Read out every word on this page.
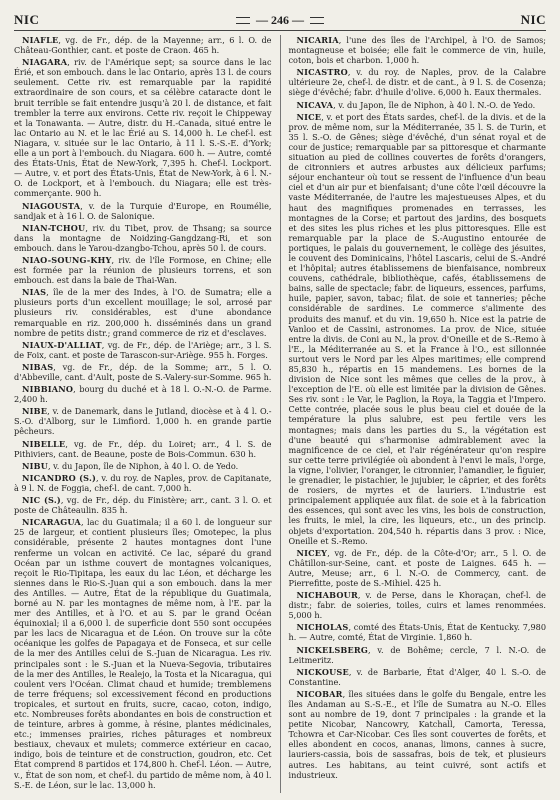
NIC	— 246 —	NIC

NIAFLE, vg. de Fr., dép. de la Mayenne; arr., 6 l. O. de Château-Gonthier, cant. et poste de Craon. 465 h.

NIAGARA, riv. de l'Amérique sept; sa source dans le lac Érié, et son embouch. dans le lac Ontario, après 13 l. de cours seulement. Cette riv. est remarquable par la rapidité extraordinaire de son cours, et sa célèbre cataracte dont le bruit terrible se fait entendre jusqu'à 20 l. de distance, et fait trembler la terre aux environs. Cette riv. reçoit le Chippeway et la Tonawanta. — Autre, distr. du H.-Canada, situé entre le lac Ontario au N. et le lac Érié au S. 14,000 h. Le chef-l. est Niagara, v. située sur le lac Ontario, à 11 l. S.-S.-E. d'York; elle a un port à l'embouch. du Niagara. 600 h. — Autre, comté des États-Unis, État de New-York, 7,395 h. Chef-l. Lockport. — Autre, v. et port des États-Unis, État de New-York, à 6 l. N.-O. de Lockport, et à l'embouch. du Niagara; elle est très-commerçante. 900 h.

NIAGOUSTA, v. de la Turquie d'Europe, en Roumélie, sandjak et à 16 l. O. de Salonique.

NIAN-TCHOU, riv. du Tibet, prov. de Thsang; sa source dans la montagne de Noidzing-Gangdzang-Ri, et son embouch. dans le Yarou-dzangbo-Tchou, après 50 l. de cours.

NIAO-SOUNG-KHY, riv. de l'île Formose, en Chine; elle est formée par la réunion de plusieurs torrens, et son embouch. est dans la baie de Thai-Wan.

NIAS, île de la mer des Indes, à l'O. de Sumatra; elle a plusieurs ports d'un excellent mouillage; le sol, arrosé par plusieurs riv. considérables, est d'une abondance remarquable en riz. 200,000 h. disséminés dans un grand nombre de petits distr.; grand commerce de riz et d'esclaves.

NIAUX-D'ALLIAT, vg. de Fr., dép. de l'Ariège; arr., 3 l. S. de Foix, cant. et poste de Tarascon-sur-Ariège. 955 h. Forges.

NIBAS, vg. de Fr., dép. de la Somme; arr., 5 l. O. d'Abbeville, cant. d'Ault, poste de S.-Valery-sur-Somme. 965 h.

NIBBIANO, bourg du duché et à 18 l. O.-N.-O. de Parme. 2,400 h.

NIBE, v. de Danemark, dans le Jutland, diocèse et à 4 l. O.-S.-O. d'Alborg, sur le Limfiord. 1,000 h. en grande partie pêcheurs.

NIBELLE, vg. de Fr., dép. du Loiret; arr., 4 l. S. de Pithiviers, cant. de Beaune, poste de Bois-Commun. 630 h.

NIBU, v. du Japon, île de Niphon, à 40 l. O. de Yedo.

NICANDRO (S.), v. du roy. de Naples, prov. de Capitanate, à 9 l. N. de Foggia, chef-l. de cant. 7,000 h.

NIC (S.), vg. de Fr., dép. du Finistère; arr., cant. 3 l. O. et poste de Châteaulin. 835 h.

NICARAGUA, lac du Guatimala; il a 60 l. de longueur sur 25 de largeur, et contient plusieurs îles; Omotepec, la plus considérable, présente 2 hautes montagnes dont l'une renferme un volcan en activité. Ce lac, séparé du grand Océan par un isthme couvert de montagnes volcaniques, reçoit le Rio-Tipitapa, les eaux du lac Léon, et décharge les siennes dans le Rio-S.-Juan qui a son embouch. dans la mer des Antilles. — Autre, État de la république du Guatimala, borné au N. par les montagnes de même nom, à l'E. par la mer des Antilles, et à l'O. et au S. par le grand Océan équinoxial; il a 6,000 l. de superficie dont 550 sont occupées par les lacs de Nicaragua et de Léon. On trouve sur la côte océanique les golfes de Papagaya et de Fonseca, et sur celle de la mer des Antilles celui de S.-Juan de Nicaragua. Les riv. principales sont : le S.-Juan et la Nueva-Segovia, tributaires de la mer des Antilles, le Realejo, la Tosta et la Nicaragua, qui coulent vers l'Océan. Climat chaud et humide; tremblemens de terre fréquens; sol excessivement fécond en productions tropicales, et surtout en fruits, sucre, cacao, coton, indigo, etc. Nombreuses forêts abondantes en bois de construction et de teinture, arbres à gomme, à résine, plantes médicinales, etc.; immenses prairies, riches pâturages et nombreux bestiaux, chevaux et mulets; commerce extérieur en cacao, indigo, bois de teinture et de construction, goudron, etc. Cet État comprend 8 partidos et 174,800 h. Chef-l. Léon. — Autre, v., État de son nom, et chef-l. du partido de même nom, à 40 l. S.-E. de Léon, sur le lac. 13,000 h.

NICARIA, l'une des îles de l'Archipel, à l'O. de Samos; montagneuse et boisée; elle fait le commerce de vin, huile, coton, bois et charbon. 1,000 h.

NICASTRO, v. du roy. de Naples, prov. de la Calabre ultérieure 2e, chef-l. de distr. et de cant., à 9 l. S. de Cosenza; siège d'évêché; fabr. d'huile d'olive. 6,000 h. Eaux thermales.

NICAVA, v. du Japon, île de Niphon, à 40 l. N.-O. de Yedo.

NICE, v. et port des États sardes, chef-l. de la divis. et de la prov. de même nom, sur la Méditerranée, 35 l. S. de Turin, et 35 l. S.-O. de Gênes; siège d'évêché, d'un sénat royal et de cour de justice; remarquable par sa pittoresque et charmante situation au pied de collines couvertes de forêts d'orangers, de citronniers et autres arbustes aux délicieux parfums; séjour enchanteur où tout se ressent de l'influence d'un beau ciel et d'un air pur et bienfaisant; d'une côte l'œil découvre la vaste Méditerranée, de l'autre les majestueuses Alpes, et du haut des magnifiques promenades en terrasses, les montagnes de la Corse; et partout des jardins, des bosquets et des sites les plus riches et les plus pittoresques. Elle est remarquable par la place de S.-Augustino entourée de portiques, le palais du gouvernement, le collège des jésuites, le couvent des Dominicains, l'hôtel Lascaris, celui de S.-André et l'hôpital; autres établissemens de bienfaisance, nombreux couvens, cathédrale, bibliothèque, cafés, établissemens de bains, salle de spectacle; fabr. de liqueurs, essences, parfums, huile, papier, savon, tabac; filat. de soie et tanneries; pêche considérable de sardines. Le commerce s'alimente des produits des manuf. et du vin. 19,650 h. Nice est la patrie de Vanloo et de Cassini, astronomes. La prov. de Nice, située entre la divis. de Coni au N., la prov. d'Oneille et de S.-Remo à l'E., la Méditerranée au S. et la France à l'O., est sillonnée surtout vers le Nord par les Alpes maritimes; elle comprend 85,830 h., répartis en 15 mandemens. Les bornes de la division de Nice sont les mêmes que celles de la prov., à l'exception de l'E. où elle est limitée par la division de Gênes. Ses riv. sont : le Var, le Paglion, la Roya, la Taggia et l'Impero. Cette contrée, placée sous le plus beau ciel et douée de la température la plus salubre, est peu fertile vers les montagnes; mais dans les parties du S., la végétation est d'une beauté qui s'harmonise admirablement avec la magnificence de ce ciel, et l'air régénérateur qu'on respire sur cette terre privilégiée où abondent à l'envi le maïs, l'orge, la vigne, l'olivier, l'oranger, le citronnier, l'amandier, le figuier, le grenadier, le pistachier, le jujubier, le câprier, et des forêts de rosiers, de myrtes et de lauriers. L'industrie est principalement appliquée aux filat. de soie et à la fabrication des essences, qui sont avec les vins, les bois de construction, les fruits, le miel, la cire, les liqueurs, etc., un des princip. objets d'exportation. 204,540 h. répartis dans 3 prov. : Nice, Oneille et S.-Remo.

NICEY, vg. de Fr., dép. de la Côte-d'Or; arr., 5 l. O. de Châtillon-sur-Seine, cant. et poste de Laignes. 645 h. — Autre, Meuse; arr., 6 l. N.-O. de Commercy, cant. de Pierrefitte, poste de S.-Mihiel. 425 h.

NICHABOUR, v. de Perse, dans le Khoraçan, chef-l. de distr.; fabr. de soieries, toiles, cuirs et lames renommées. 5,000 h.

NICHOLAS, comté des États-Unis, État de Kentucky. 7,980 h. — Autre, comté, État de Virginie. 1,860 h.

NICKELSBERG, v. de Bohême; cercle, 7 l. N.-O. de Leitmeritz.

NICKOUSE, v. de Barbarie, État d'Alger, 40 l. S.-O. de Constantine.

NICOBAR, îles situées dans le golfe du Bengale, entre les îles Andaman au S.-S.-E., et l'île de Sumatra au N.-O. Elles sont au nombre de 19, dont 7 principales : la grande et la petite Nicobar, Nancowry, Katchall, Camorta, Teressa, Tchowra et Car-Nicobar. Ces îles sont couvertes de forêts, et elles abondent en cocos, ananas, limons, cannes à sucre, lauriers-cassia, bois de sassafras, bois de tek, et plusieurs autres. Les habitans, au teint cuivré, sont actifs et industrieux.
